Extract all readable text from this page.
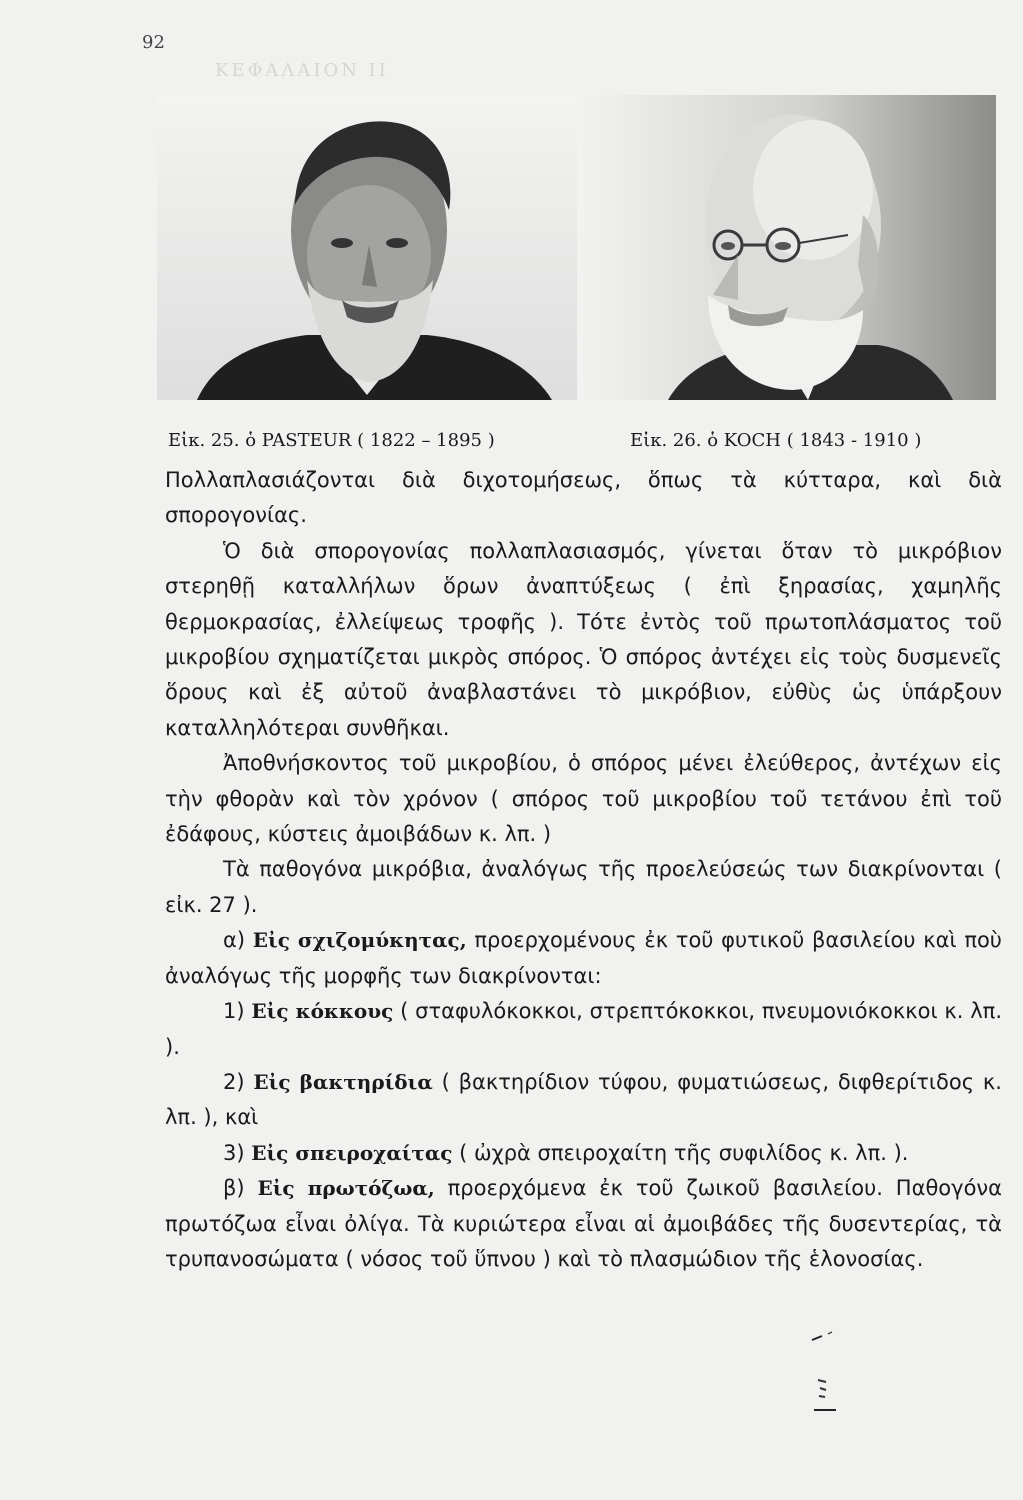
92
ΚΕΦΑΛΑΙΟΝ II
Εἰκ. 25. ὁ PASTEUR ( 1822 – 1895 )	Εἰκ. 26. ὁ KOCH ( 1843 - 1910 )

Πολλαπλασιάζονται διὰ διχοτομήσεως, ὅπως τὰ κύτταρα, καὶ διὰ σπορογονίας.

Ὁ διὰ σπορογονίας πολλαπλασιασμός, γίνεται ὅταν τὸ μικρόβιον στερηθῇ καταλλήλων ὅρων ἀναπτύξεως ( ἐπὶ ξηρασίας, χαμηλῆς θερμοκρασίας, ἐλλείψεως τροφῆς ). Τότε ἐντὸς τοῦ πρωτοπλάσματος τοῦ μικροβίου σχηματίζεται μικρὸς σπόρος. Ὁ σπόρος ἀντέχει εἰς τοὺς δυσμενεῖς ὅρους καὶ ἐξ αὐτοῦ ἀναβλαστάνει τὸ μικρόβιον, εὐθὺς ὡς ὑπάρξουν καταλληλότεραι συνθῆκαι.

Ἀποθνήσκοντος τοῦ μικροβίου, ὁ σπόρος μένει ἐλεύθερος, ἀντέχων εἰς τὴν φθορὰν καὶ τὸν χρόνον ( σπόρος τοῦ μικροβίου τοῦ τετάνου ἐπὶ τοῦ ἐδάφους, κύστεις ἀμοιβάδων κ. λπ. )

Τὰ παθογόνα μικρόβια, ἀναλόγως τῆς προελεύσεώς των διακρίνονται ( εἰκ. 27 ).

α) Εἰς σχιζομύκητας, προερχομένους ἐκ τοῦ φυτικοῦ βασιλείου καὶ ποὺ ἀναλόγως τῆς μορφῆς των διακρίνονται:

1) Εἰς κόκκους ( σταφυλόκοκκοι, στρεπτόκοκκοι, πνευμονιόκοκκοι κ. λπ. ).

2) Εἰς βακτηρίδια ( βακτηρίδιον τύφου, φυματιώσεως, διφθερίτιδος κ. λπ. ), καὶ

3) Εἰς σπειροχαίτας ( ὠχρὰ σπειροχαίτη τῆς συφιλίδος κ. λπ. ).

β) Εἰς πρωτόζωα, προερχόμενα ἐκ τοῦ ζωικοῦ βασιλείου. Παθογόνα πρωτόζωα εἶναι ὀλίγα. Τὰ κυριώτερα εἶναι αἱ ἀμοιβάδες τῆς δυσεντερίας, τὰ τρυπανοσώματα ( νόσος τοῦ ὕπνου ) καὶ τὸ πλασμώδιον τῆς ἑλονοσίας.
